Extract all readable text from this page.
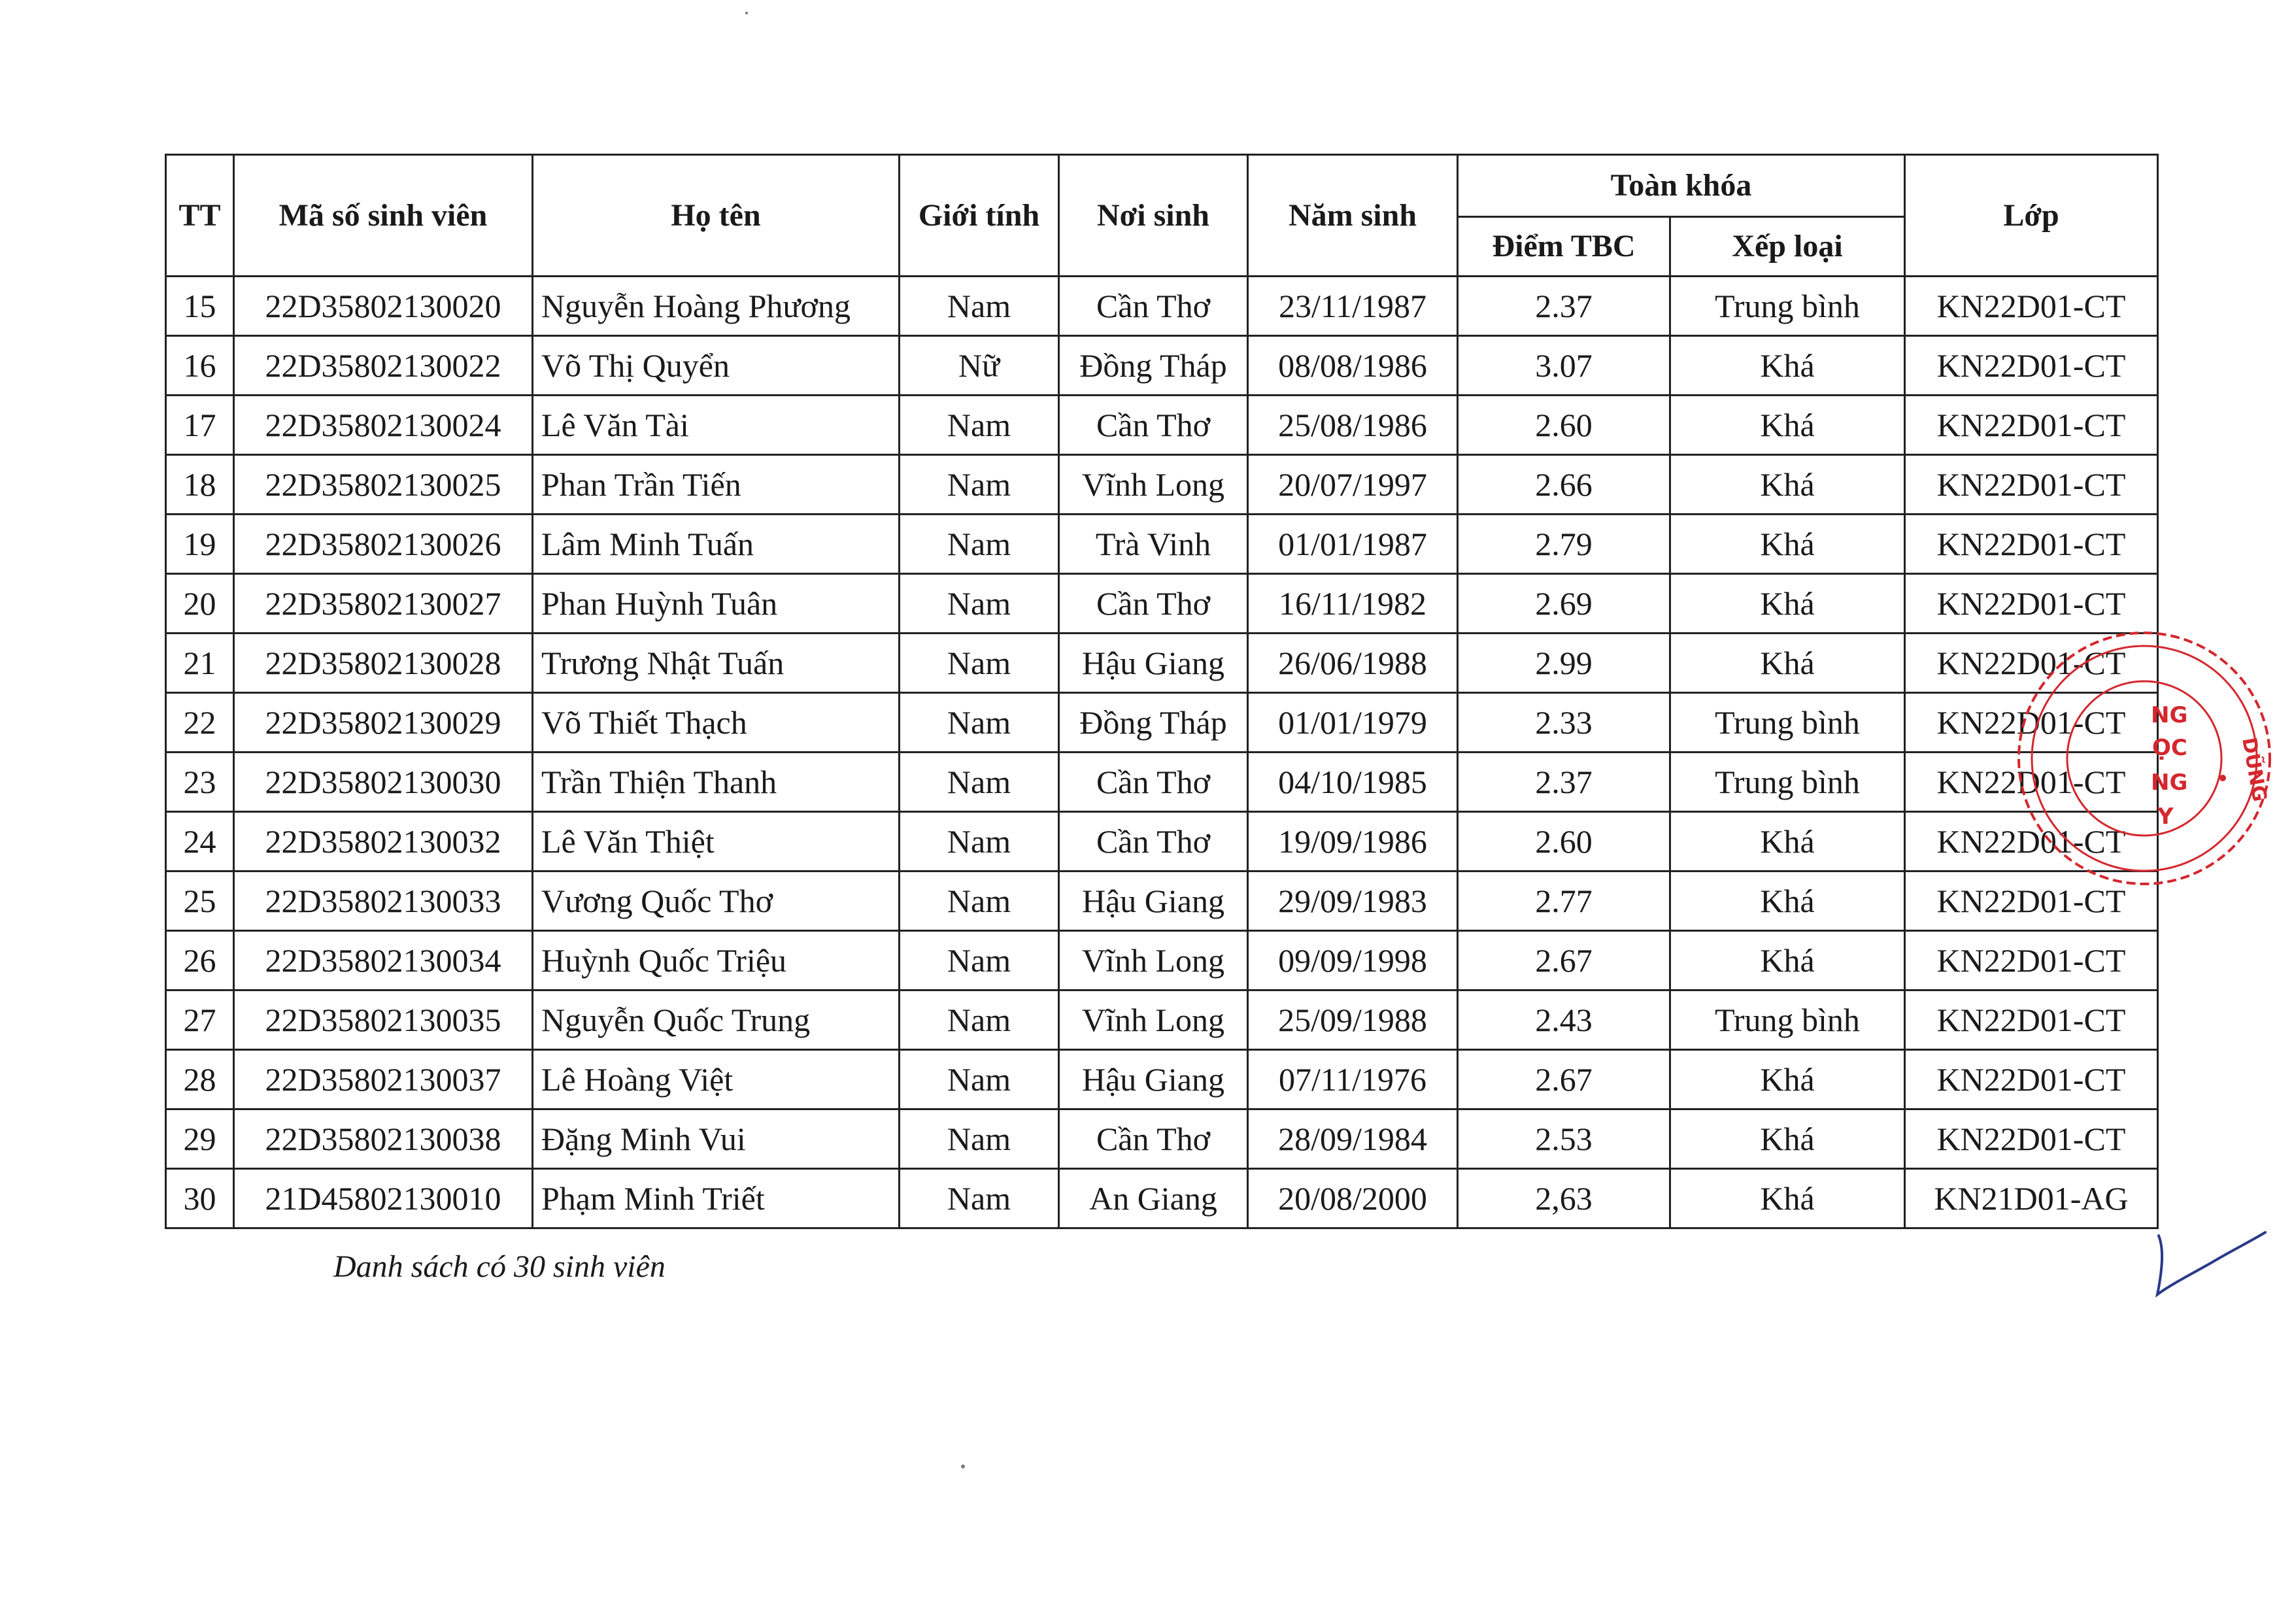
TT	Mã số sinh viên	Họ tên	Giới tính	Nơi sinh	Năm sinh	Toàn khóa		Lớp
						Điểm TBC	Xếp loại	
15	22D35802130020	Nguyễn Hoàng Phương	Nam	Cần Thơ	23/11/1987	2.37	Trung bình	KN22D01-CT
16	22D35802130022	Võ Thị Quyển	Nữ	Đồng Tháp	08/08/1986	3.07	Khá	KN22D01-CT
17	22D35802130024	Lê Văn Tài	Nam	Cần Thơ	25/08/1986	2.60	Khá	KN22D01-CT
18	22D35802130025	Phan Trần Tiến	Nam	Vĩnh Long	20/07/1997	2.66	Khá	KN22D01-CT
19	22D35802130026	Lâm Minh Tuấn	Nam	Trà Vinh	01/01/1987	2.79	Khá	KN22D01-CT
20	22D35802130027	Phan Huỳnh Tuân	Nam	Cần Thơ	16/11/1982	2.69	Khá	KN22D01-CT
21	22D35802130028	Trương Nhật Tuấn	Nam	Hậu Giang	26/06/1988	2.99	Khá	KN22D01-CT
22	22D35802130029	Võ Thiết Thạch	Nam	Đồng Tháp	01/01/1979	2.33	Trung bình	KN22D01-CT
23	22D35802130030	Trần Thiện Thanh	Nam	Cần Thơ	04/10/1985	2.37	Trung bình	KN22D01-CT
24	22D35802130032	Lê Văn Thiệt	Nam	Cần Thơ	19/09/1986	2.60	Khá	KN22D01-CT
25	22D35802130033	Vương Quốc Thơ	Nam	Hậu Giang	29/09/1983	2.77	Khá	KN22D01-CT
26	22D35802130034	Huỳnh Quốc Triệu	Nam	Vĩnh Long	09/09/1998	2.67	Khá	KN22D01-CT
27	22D35802130035	Nguyễn Quốc Trung	Nam	Vĩnh Long	25/09/1988	2.43	Trung bình	KN22D01-CT
28	22D35802130037	Lê Hoàng Việt	Nam	Hậu Giang	07/11/1976	2.67	Khá	KN22D01-CT
29	22D35802130038	Đặng Minh Vui	Nam	Cần Thơ	28/09/1984	2.53	Khá	KN22D01-CT
30	21D45802130010	Phạm Minh Triết	Nam	An Giang	20/08/2000	2,63	Khá	KN21D01-AG
Danh sách có 30 sinh viên
NG
ỌC
NG
Y
DŨNG
